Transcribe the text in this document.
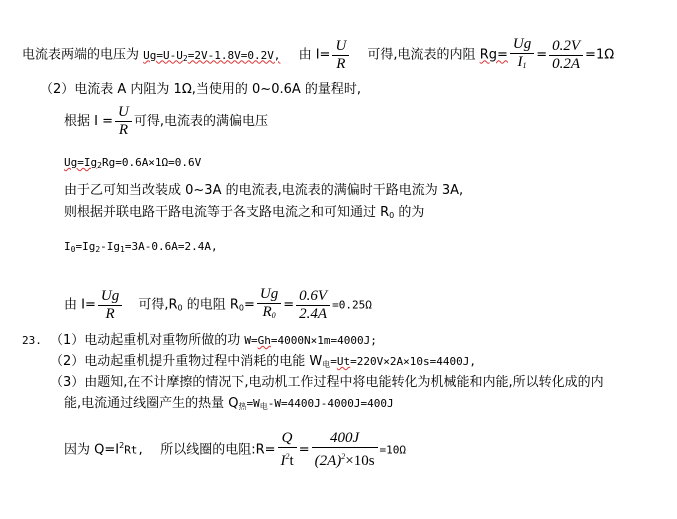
电流表两端的电压为 $Ug=U-U_2=2V-1.8V=0.2V$, 由 $I= \frac{U}{R}$ 可得,电流表的内阻 $Rg= \frac{Ug}{I_1} = \frac{0.2V}{0.2A} =1\Omega$
（2）电流表 A 内阻为 1Ω,当使用的 0~0.6A 的量程时,
根据 $I = \frac{U}{R}$ 可得,电流表的满偏电压
$Ug=Ig_2Rg=0.6A\times 1\Omega=0.6V$
由于乙可知当改装成 0~3A 的电流表,电流表的满偏时干路电流为 3A,
则根据并联电路干路电流等于各支路电流之和可知通过 $R_0$ 的为
$I_0=Ig_2-Ig_1=3A-0.6A=2.4A$,
由 $I= \frac{Ug}{R}$ 可得$,R_0$ 的电阻 $R_0= \frac{Ug}{R_0} = \frac{0.6V}{2.4A} =0.25\Omega$
23. （1）电动起重机对重物所做的功 W=Gh=4000N×1m=4000J;
（2）电动起重机提升重物过程中消耗的电能 $W_电=Ut=220V\times 2A\times 10s=4400J$,
（3）由题知,在不计摩擦的情况下,电动机工作过程中将电能转化为机械能和内能,所以转化成的内
能,电流通过线圈产生的热量 $Q_热=W_电-W=4400J-4000J=400J$
因为 $Q=I^2Rt$, 所以线圈的电阻:R= $\frac{Q}{I^2t} = \frac{400J}{(2A)^2\times 10s} =10\Omega$
